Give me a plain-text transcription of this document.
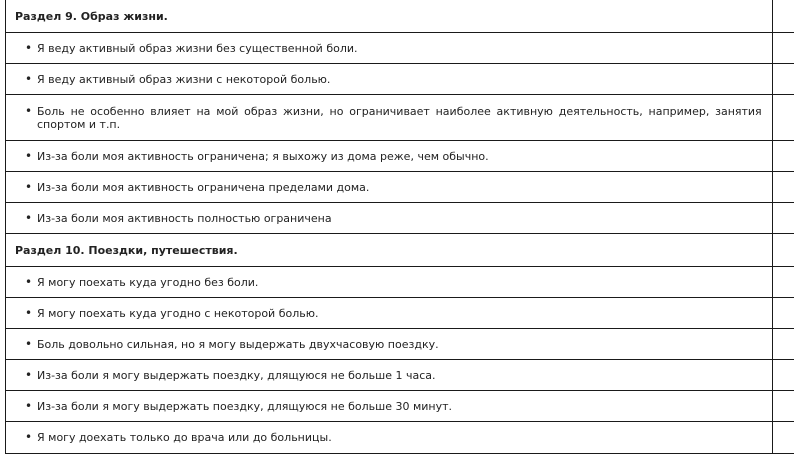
Раздел 9. Образ жизни.	

• Я веду активный образ жизни без существенной боли.	

• Я веду активный образ жизни с некоторой болью.	

• Боль не особенно влияет на мой образ жизни, но ограничивает наиболее активную деятельность, например, занятия спортом и т.п.	

• Из-за боли моя активность ограничена; я выхожу из дома реже, чем обычно.	

• Из-за боли моя активность ограничена пределами дома.	

• Из-за боли моя активность полностью ограничена	

Раздел 10. Поездки, путешествия.	

• Я могу поехать куда угодно без боли.	

• Я могу поехать куда угодно с некоторой болью.	

• Боль довольно сильная, но я могу выдержать двухчасовую поездку.	

• Из-за боли я могу выдержать поездку, длящуюся не больше 1 часа.	

• Из-за боли я могу выдержать поездку, длящуюся не больше 30 минут.	

• Я могу доехать только до врача или до больницы.	
